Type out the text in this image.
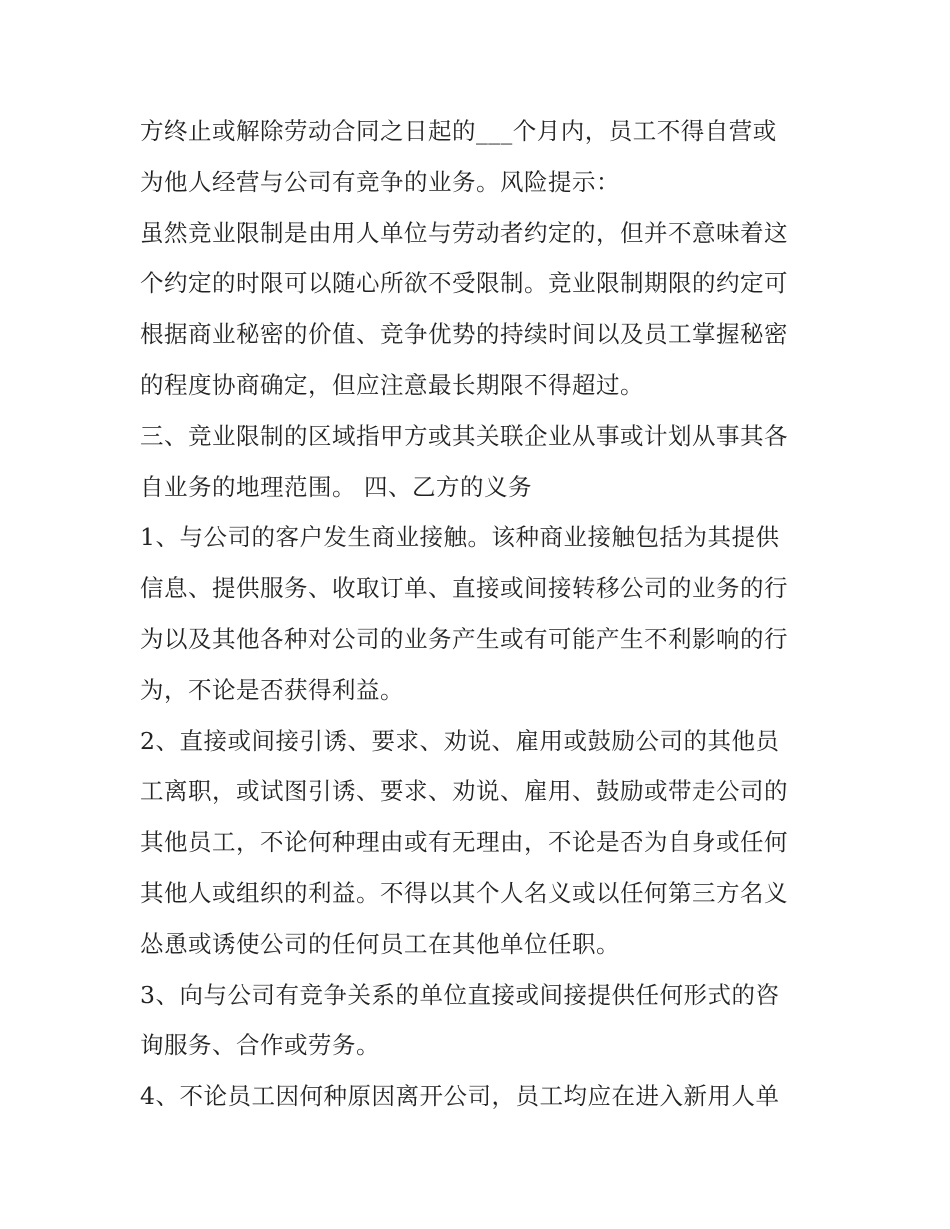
方终止或解除劳动合同之日起的___个月内，员工不得自营或
为他人经营与公司有竞争的业务。风险提示：
虽然竞业限制是由用人单位与劳动者约定的，但并不意味着这
个约定的时限可以随心所欲不受限制。竞业限制期限的约定可
根据商业秘密的价值、竞争优势的持续时间以及员工掌握秘密
的程度协商确定，但应注意最长期限不得超过。
三、竞业限制的区域指甲方或其关联企业从事或计划从事其各
自业务的地理范围。 四、乙方的义务
1、与公司的客户发生商业接触。该种商业接触包括为其提供
信息、提供服务、收取订单、直接或间接转移公司的业务的行
为以及其他各种对公司的业务产生或有可能产生不利影响的行
为，不论是否获得利益。
2、直接或间接引诱、要求、劝说、雇用或鼓励公司的其他员
工离职，或试图引诱、要求、劝说、雇用、鼓励或带走公司的
其他员工，不论何种理由或有无理由，不论是否为自身或任何
其他人或组织的利益。不得以其个人名义或以任何第三方名义
怂恿或诱使公司的任何员工在其他单位任职。
3、向与公司有竞争关系的单位直接或间接提供任何形式的咨
询服务、合作或劳务。
4、不论员工因何种原因离开公司，员工均应在进入新用人单
